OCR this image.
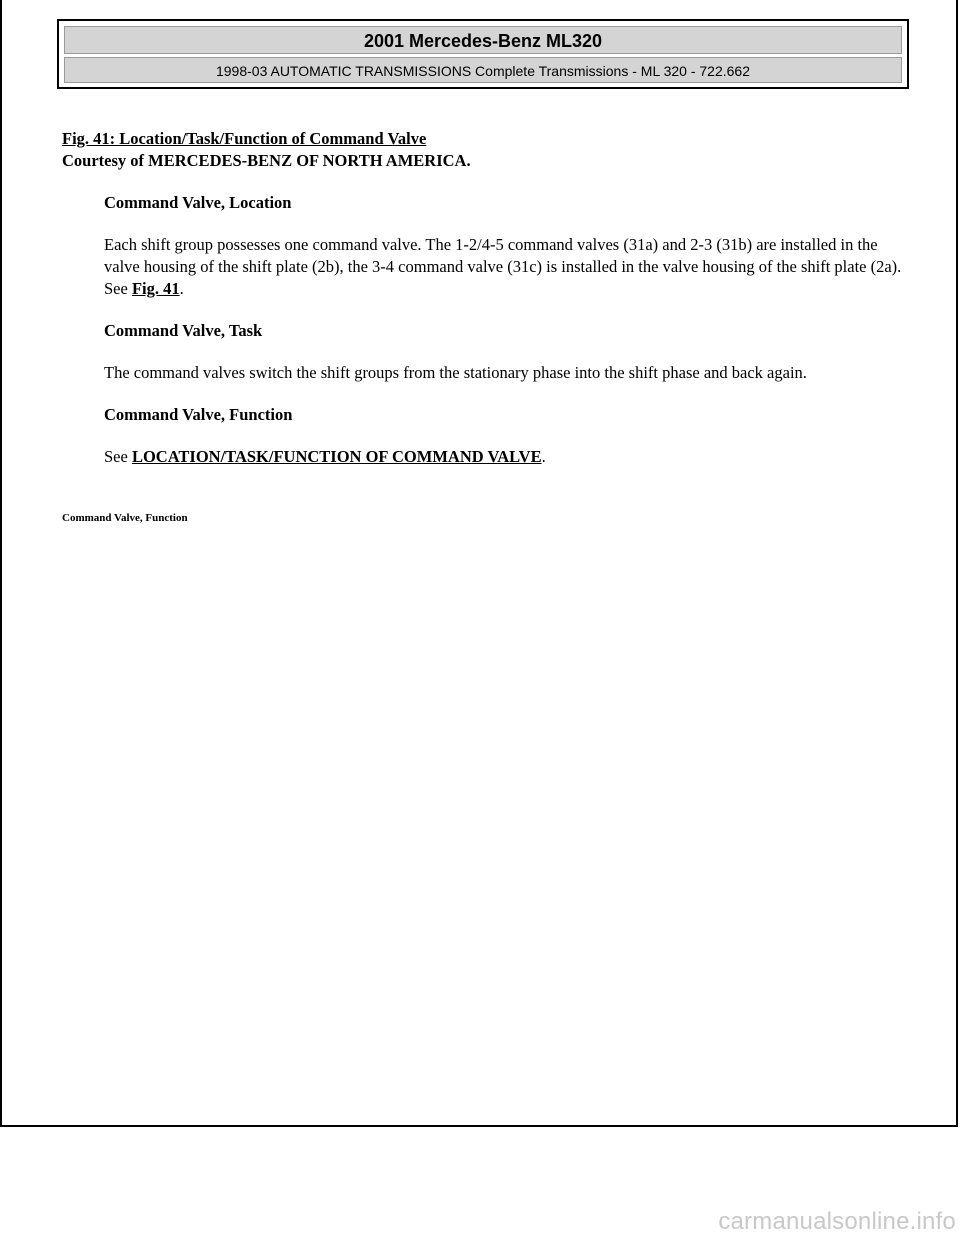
2001 Mercedes-Benz ML320
1998-03 AUTOMATIC TRANSMISSIONS Complete Transmissions - ML 320 - 722.662

Fig. 41: Location/Task/Function of Command Valve

Courtesy of MERCEDES-BENZ OF NORTH AMERICA.

Command Valve, Location

Each shift group possesses one command valve. The 1-2/4-5 command valves (31a) and 2-3 (31b) are installed in the valve housing of the shift plate (2b), the 3-4 command valve (31c) is installed in the valve housing of the shift plate (2a). See Fig. 41.

Command Valve, Task

The command valves switch the shift groups from the stationary phase into the shift phase and back again.

Command Valve, Function

See LOCATION/TASK/FUNCTION OF COMMAND VALVE.

Command Valve, Function
carmanualsonline.info
